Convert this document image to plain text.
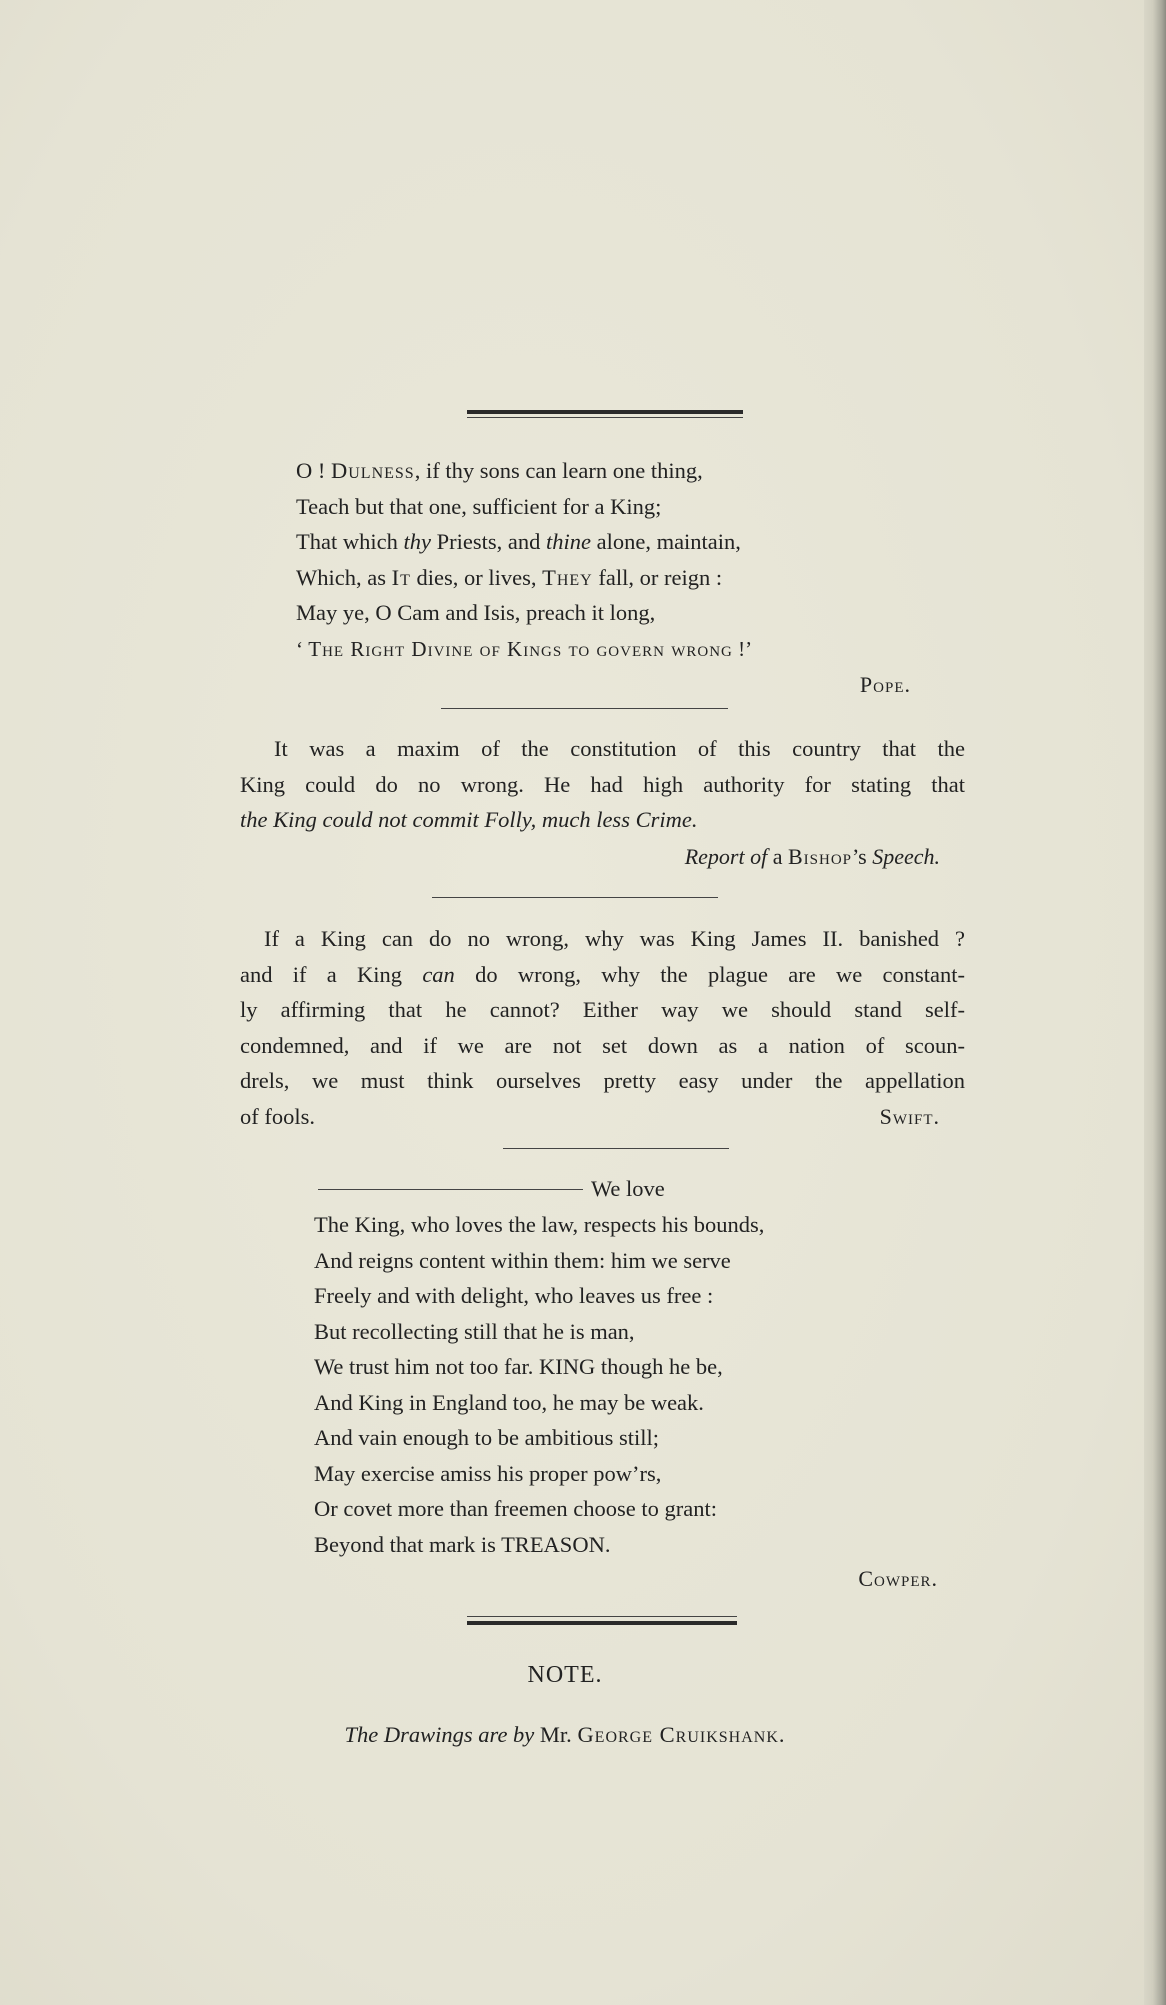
O ! Dulness, if thy sons can learn one thing,
Teach but that one, sufficient for a King;
That which thy Priests, and thine alone, maintain,
Which, as It dies, or lives, They fall, or reign :
May ye, O Cam and Isis, preach it long,
‘ The Right Divine of Kings to govern wrong !’
Pope.
It was a maxim of the constitution of this country that the
King could do no wrong. He had high authority for stating that
the King could not commit Folly, much less Crime.
Report of a Bishop’s Speech.
If a King can do no wrong, why was King James II. banished ?
and if a King can do wrong, why the plague are we constant-
ly affirming that he cannot? Either way we should stand self-
condemned, and if we are not set down as a nation of scoun-
drels, we must think ourselves pretty easy under the appellation
of fools.	Swift.
We love
The King, who loves the law, respects his bounds,
And reigns content within them: him we serve
Freely and with delight, who leaves us free :
But recollecting still that he is man,
We trust him not too far. KING though he be,
And King in England too, he may be weak.
And vain enough to be ambitious still;
May exercise amiss his proper pow’rs,
Or covet more than freemen choose to grant:
Beyond that mark is TREASON.
Cowper.
NOTE.
The Drawings are by Mr. George Cruikshank.
